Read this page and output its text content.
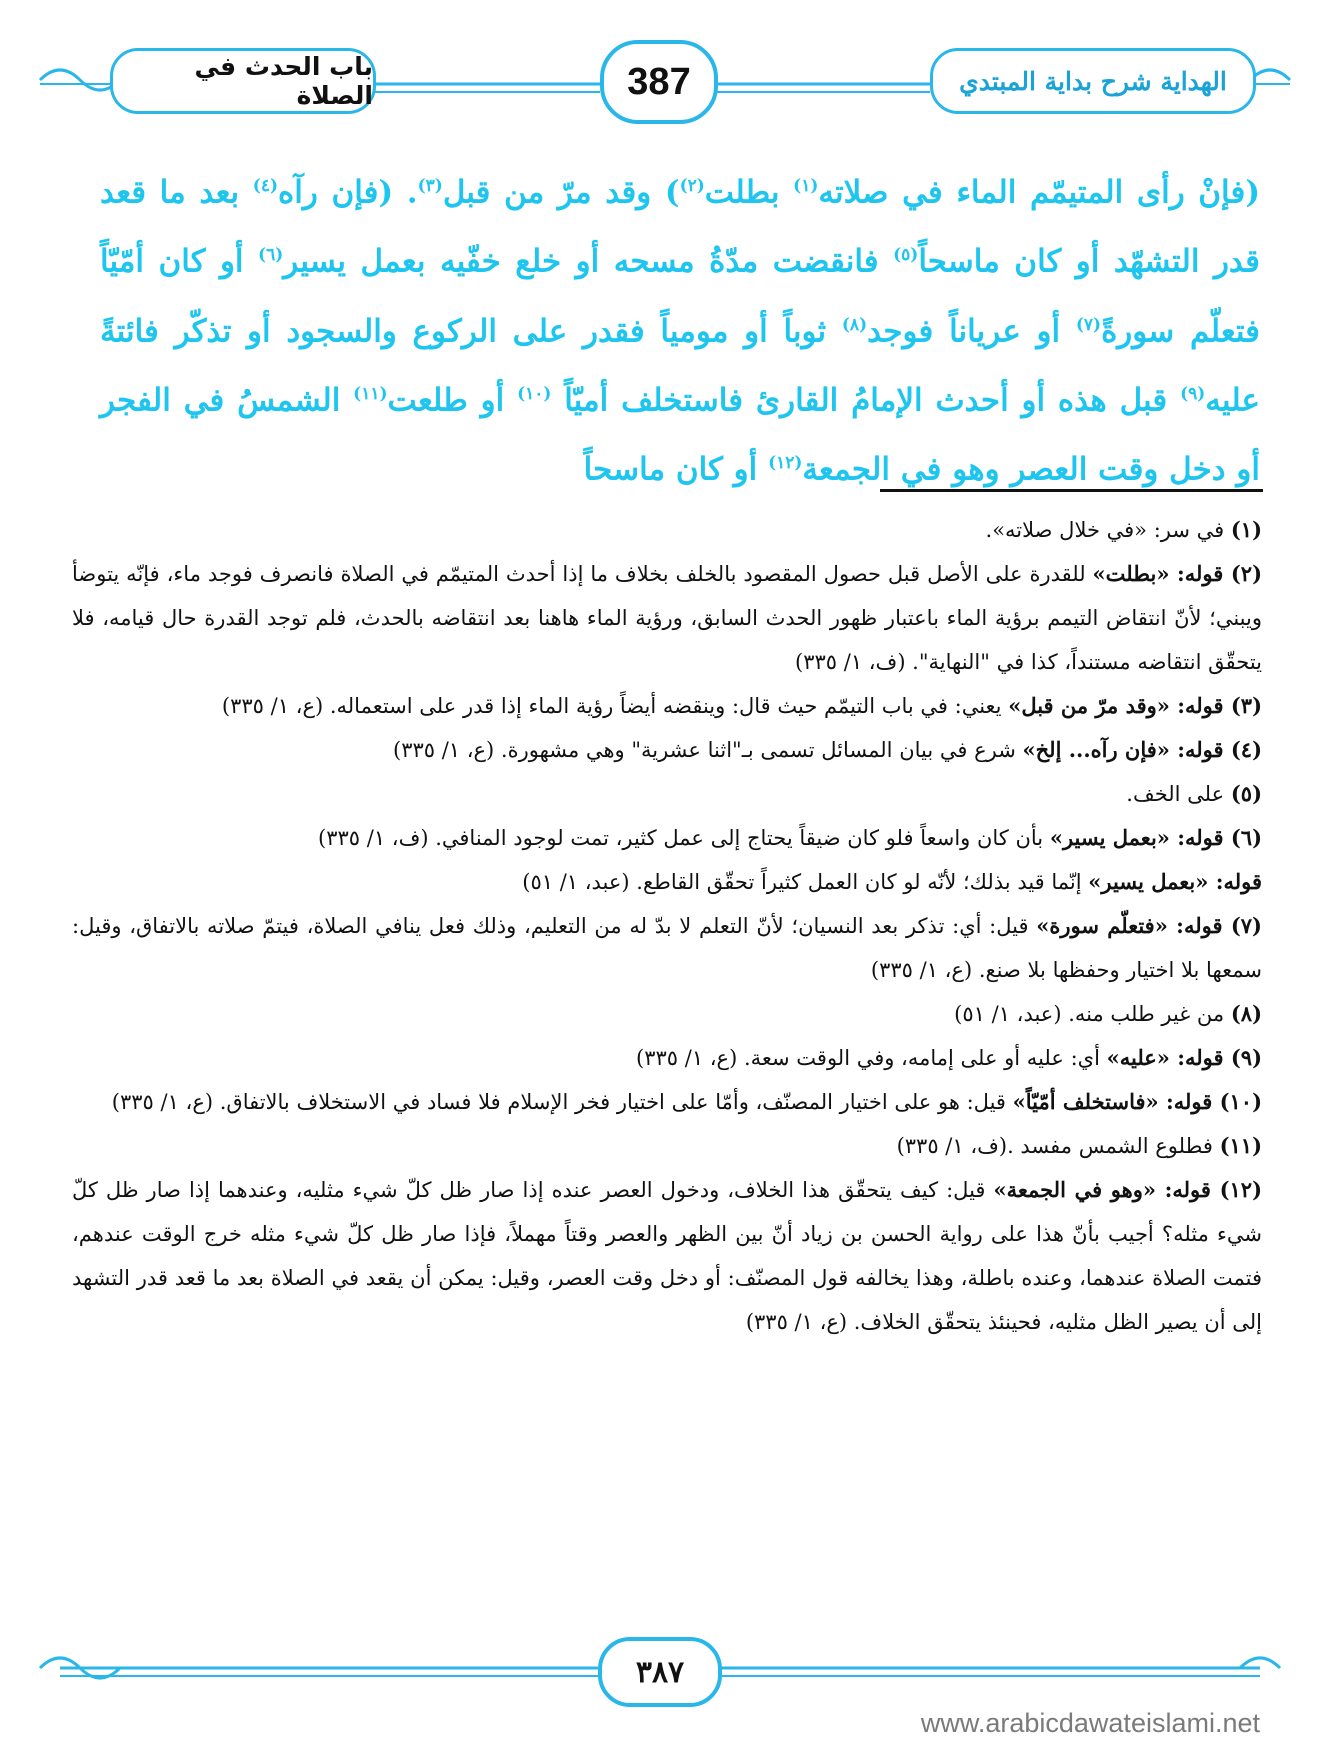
باب الحدث في الصلاة	387	الهداية شرح بداية المبتدي
(فإنْ رأى المتيمّم الماء في صلاته$^{(١)}$ بطلت$^{(٢)}$) وقد مرّ من قبل$^{(٣)}$. (فإن رآه$^{(٤)}$ بعد ما قعد قدر التشهّد أو كان ماسحاً$^{(٥)}$ فانقضت مدّةُ مسحه أو خلع خفّيه بعمل يسير$^{(٦)}$ أو كان أمّيّاً فتعلّم سورةً$^{(٧)}$ أو عرياناً فوجد$^{(٨)}$ ثوباً أو مومياً فقدر على الركوع والسجود أو تذكّر فائتةً عليه$^{(٩)}$ قبل هذه أو أحدث الإمامُ القارئ فاستخلف أميّاً $^{(١٠)}$ أو طلعت$^{(١١)}$ الشمسُ في الفجر أو دخل وقت العصر وهو في الجمعة$^{(١٢)}$ أو كان ماسحاً

(١) في سر: «في خلال صلاته».

(٢) قوله: «بطلت» للقدرة على الأصل قبل حصول المقصود بالخلف بخلاف ما إذا أحدث المتيمّم في الصلاة فانصرف فوجد ماء، فإنّه يتوضأ ويبني؛ لأنّ انتقاض التيمم برؤية الماء باعتبار ظهور الحدث السابق، ورؤية الماء هاهنا بعد انتقاضه بالحدث، فلم توجد القدرة حال قيامه، فلا يتحقّق انتقاضه مستنداً، كذا في "النهاية". (ف، ١/ ٣٣٥)

(٣) قوله: «وقد مرّ من قبل» يعني: في باب التيمّم حيث قال: وينقضه أيضاً رؤية الماء إذا قدر على استعماله. (ع، ١/ ٣٣٥)

(٤) قوله: «فإن رآه... إلخ» شرع في بيان المسائل تسمى بـ"اثنا عشرية" وهي مشهورة. (ع، ١/ ٣٣٥)

(٥) على الخف.

(٦) قوله: «بعمل يسير» بأن كان واسعاً فلو كان ضيقاً يحتاج إلى عمل كثير، تمت لوجود المنافي. (ف، ١/ ٣٣٥)

قوله: «بعمل يسير» إنّما قيد بذلك؛ لأنّه لو كان العمل كثيراً تحقّق القاطع. (عبد، ١/ ٥١)

(٧) قوله: «فتعلّم سورة» قيل: أي: تذكر بعد النسيان؛ لأنّ التعلم لا بدّ له من التعليم، وذلك فعل ينافي الصلاة، فيتمّ صلاته بالاتفاق، وقيل: سمعها بلا اختيار وحفظها بلا صنع. (ع، ١/ ٣٣٥)

(٨) من غير طلب منه. (عبد، ١/ ٥١)

(٩) قوله: «عليه» أي: عليه أو على إمامه، وفي الوقت سعة. (ع، ١/ ٣٣٥)

(١٠) قوله: «فاستخلف أمّيّاً» قيل: هو على اختيار المصنّف، وأمّا على اختيار فخر الإسلام فلا فساد في الاستخلاف بالاتفاق. (ع، ١/ ٣٣٥)

(١١) فطلوع الشمس مفسد .(ف، ١/ ٣٣٥)

(١٢) قوله: «وهو في الجمعة» قيل: كيف يتحقّق هذا الخلاف، ودخول العصر عنده إذا صار ظل كلّ شيء مثليه، وعندهما إذا صار ظل كلّ شيء مثله؟ أجيب بأنّ هذا على رواية الحسن بن زياد أنّ بين الظهر والعصر وقتاً مهملاً، فإذا صار ظل كلّ شيء مثله خرج الوقت عندهم، فتمت الصلاة عندهما، وعنده باطلة، وهذا يخالفه قول المصنّف: أو دخل وقت العصر، وقيل: يمكن أن يقعد في الصلاة بعد ما قعد قدر التشهد إلى أن يصير الظل مثليه، فحينئذ يتحقّق الخلاف. (ع، ١/ ٣٣٥)

٣٨٧
www.arabicdawateislami.net
